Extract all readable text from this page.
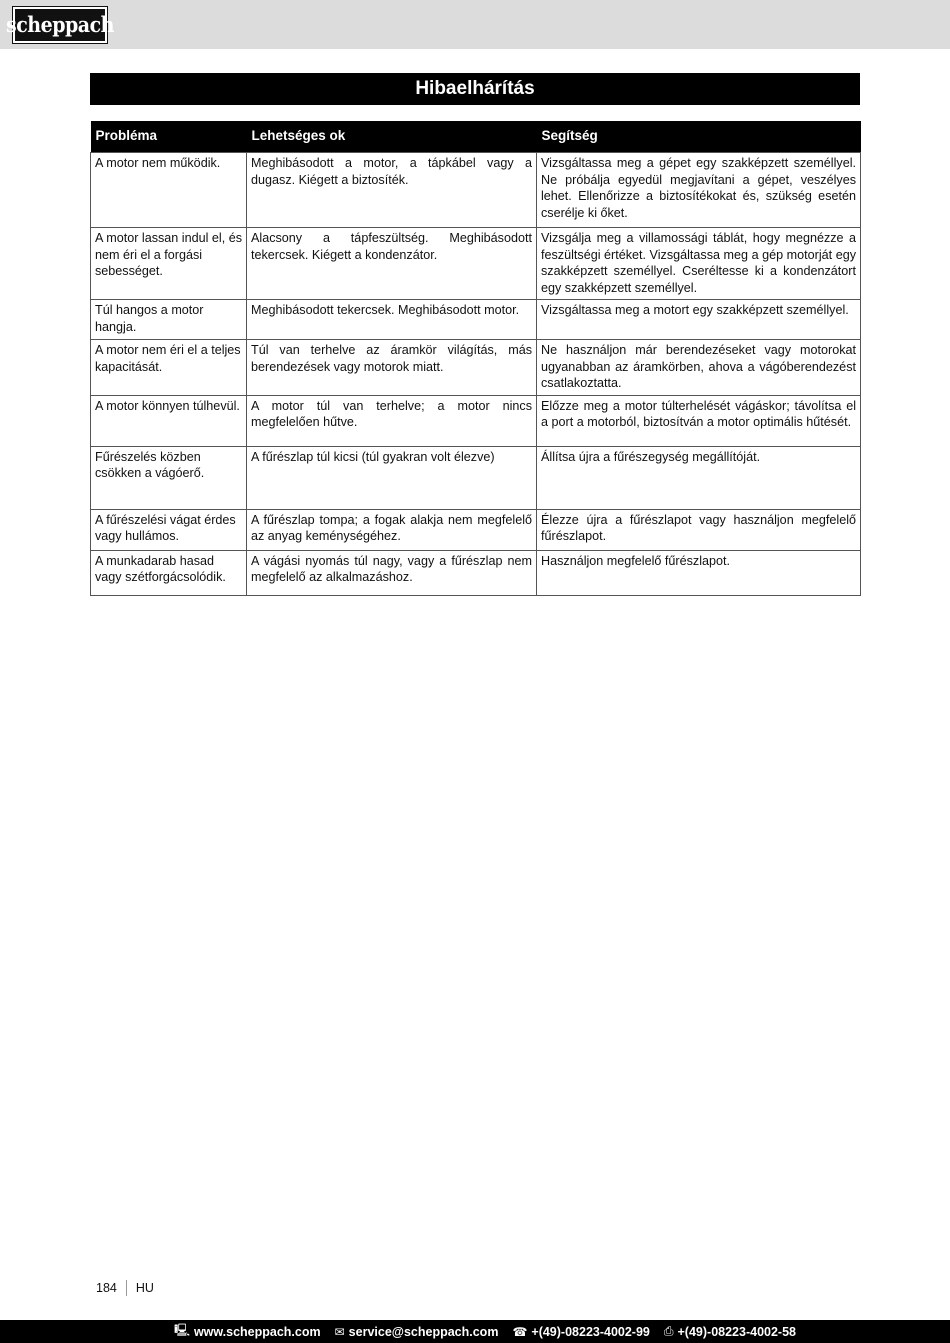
scheppach
Hibaelhárítás
Probléma	Lehetséges ok	Segítség
A motor nem működik.	Meghibásodott a motor, a tápkábel vagy a dugasz. Kiégett a biztosíték.	Vizsgáltassa meg a gépet egy szakképzett személlyel. Ne próbálja egyedül megjavítani a gépet, veszélyes lehet. Ellenőrizze a biztosítékokat és, szükség esetén cserélje ki őket.
A motor lassan indul el, és nem éri el a forgási sebességet.	Alacsony a tápfeszültség. Meghibásodott tekercsek. Kiégett a kondenzátor.	Vizsgálja meg a villamossági táblát, hogy megnézze a feszültségi értéket. Vizsgáltassa meg a gép motorját egy szakképzett személlyel. Cseréltesse ki a kondenzátort egy szakképzett személlyel.
Túl hangos a motor hangja.	Meghibásodott tekercsek. Meghibásodott motor.	Vizsgáltassa meg a motort egy szakképzett személlyel.
A motor nem éri el a teljes kapacitását.	Túl van terhelve az áramkör világítás, más berendezések vagy motorok miatt.	Ne használjon már berendezéseket vagy motorokat ugyanabban az áramkörben, ahova a vágóberendezést csatlakoztatta.
A motor könnyen túlhevül.	A motor túl van terhelve; a motor nincs megfelelően hűtve.	Előzze meg a motor túlterhelését vágáskor; távolítsa el a port a motorból, biztosítván a motor optimális hűtését.
Fűrészelés közben csökken a vágóerő.	A fűrészlap túl kicsi (túl gyakran volt élezve)	Állítsa újra a fűrészegység megállítóját.
A fűrészelési vágat érdes vagy hullámos.	A fűrészlap tompa; a fogak alakja nem megfelelő az anyag keménységéhez.	Élezze újra a fűrészlapot vagy használjon megfelelő fűrészlapot.
A munkadarab hasad vagy szétforgácsolódik.	A vágási nyomás túl nagy, vagy a fűrészlap nem megfelelő az alkalmazáshoz.	Használjon megfelelő fűrészlapot.
184 HU
🖳︎ www.scheppach.com ✉ service@scheppach.com ☎ +(49)-08223-4002-99 ⎙ +(49)-08223-4002-58
